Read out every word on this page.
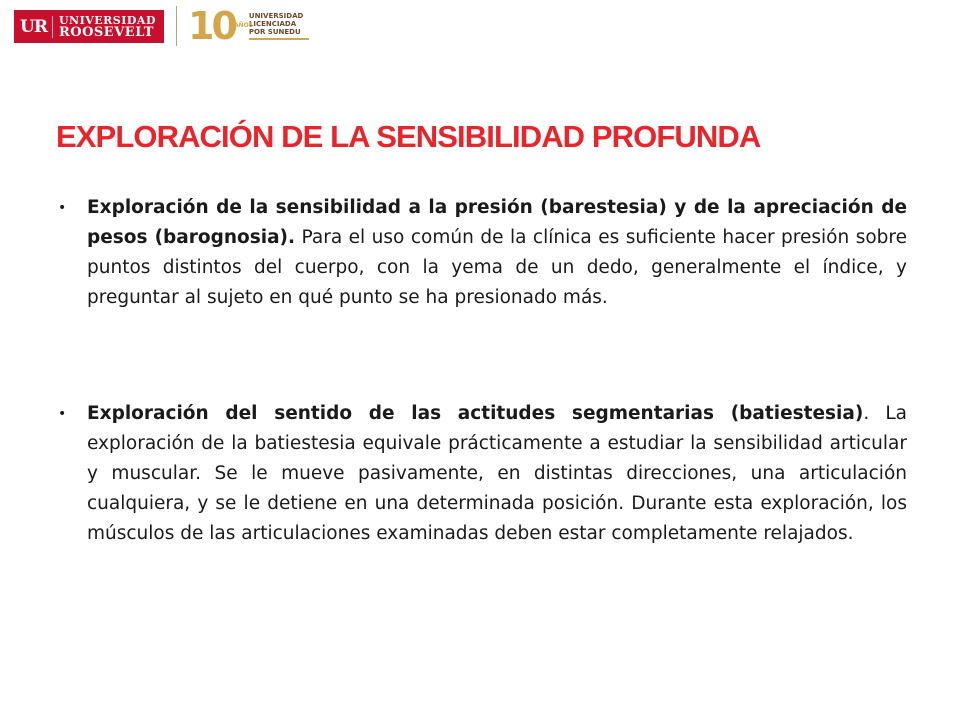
UR	UNIVERSIDAD
ROOSEVELT 10 AÑOS
UNIVERSIDAD
LICENCIADA
POR SUNEDU
EXPLORACIÓN DE LA SENSIBILIDAD PROFUNDA
• Exploración de la sensibilidad a la presión (barestesia) y de la apreciación de pesos (barognosia). Para el uso común de la clínica es suficiente hacer presión sobre puntos distintos del cuerpo, con la yema de un dedo, generalmente el índice, y preguntar al sujeto en qué punto se ha presionado más.
• Exploración del sentido de las actitudes segmentarias (batiestesia). La exploración de la batiestesia equivale prácticamente a estudiar la sensibilidad articular y muscular. Se le mueve pasivamente, en distintas direcciones, una articulación cualquiera, y se le detiene en una determinada posición. Durante esta exploración, los músculos de las articulaciones examinadas deben estar completamente relajados.
